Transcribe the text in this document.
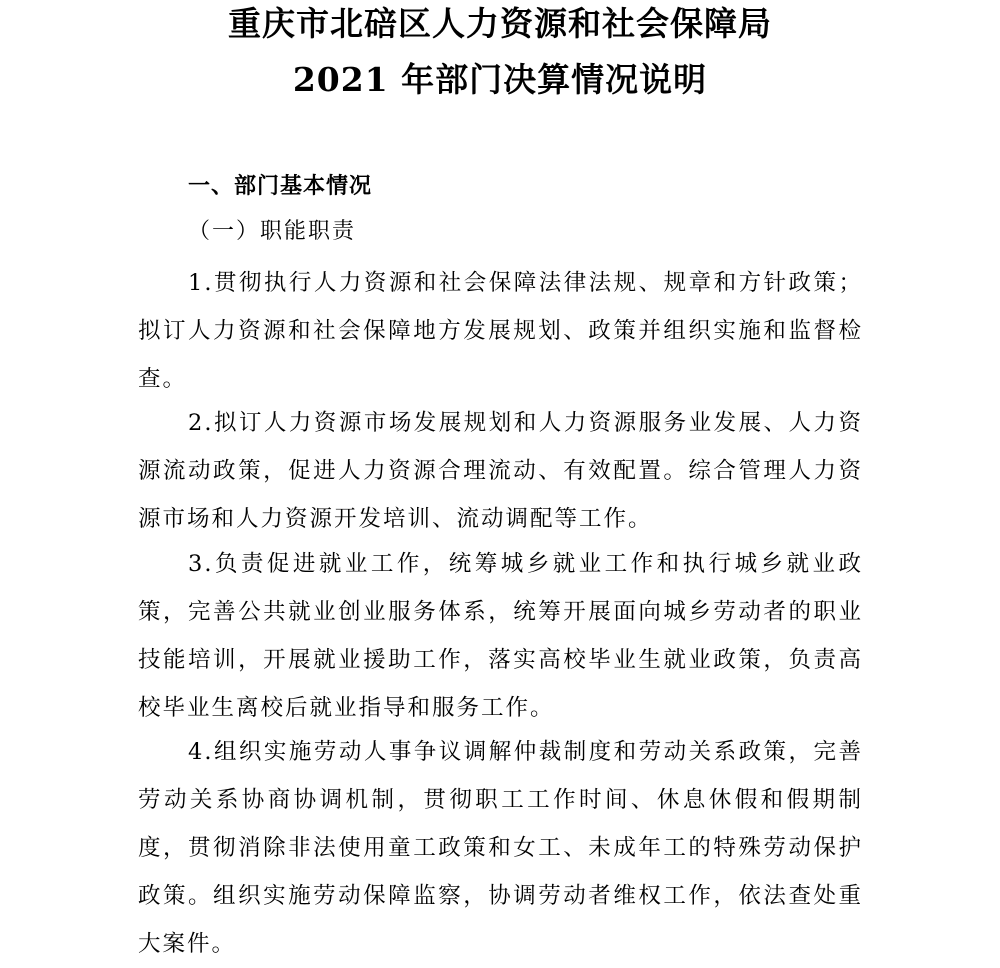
重庆市北碚区人力资源和社会保障局
2021 年部门决算情况说明
一、部门基本情况
（一）职能职责

1.贯彻执行人力资源和社会保障法律法规、规章和方针政策；拟订人力资源和社会保障地方发展规划、政策并组织实施和监督检查。

2.拟订人力资源市场发展规划和人力资源服务业发展、人力资源流动政策，促进人力资源合理流动、有效配置。综合管理人力资源市场和人力资源开发培训、流动调配等工作。

3.负责促进就业工作，统筹城乡就业工作和执行城乡就业政策，完善公共就业创业服务体系，统筹开展面向城乡劳动者的职业技能培训，开展就业援助工作，落实高校毕业生就业政策，负责高校毕业生离校后就业指导和服务工作。

4.组织实施劳动人事争议调解仲裁制度和劳动关系政策，完善劳动关系协商协调机制，贯彻职工工作时间、休息休假和假期制度，贯彻消除非法使用童工政策和女工、未成年工的特殊劳动保护政策。组织实施劳动保障监察，协调劳动者维权工作，依法查处重大案件。
